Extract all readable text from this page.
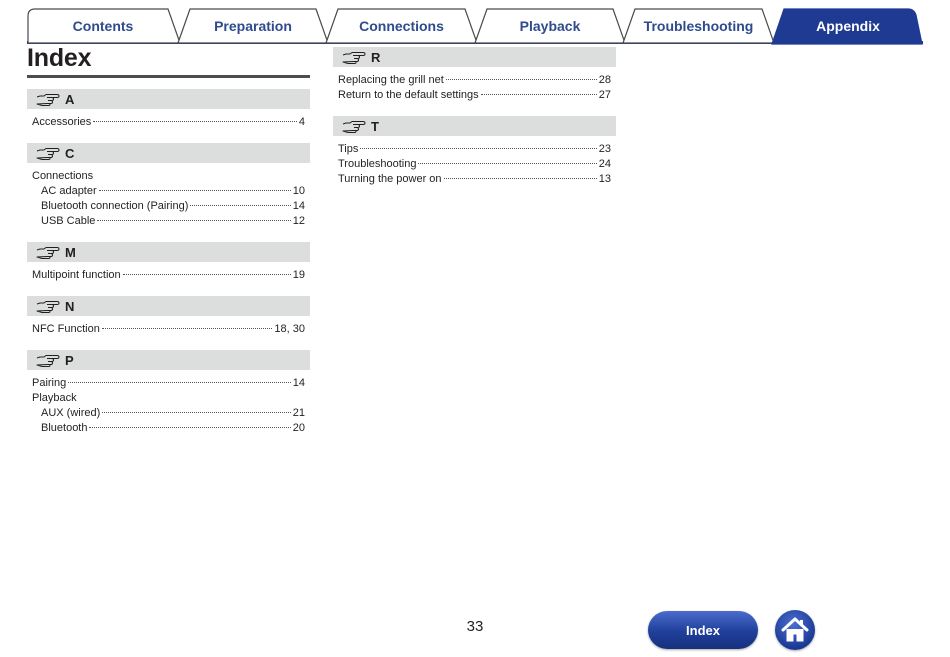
Contents	Preparation	Connections	Playback	Troubleshooting	Appendix
Index
A
Accessories	4
C
Connections
AC adapter	10
Bluetooth connection (Pairing)	14
USB Cable	12
M
Multipoint function	19
N
NFC Function	18, 30
P
Pairing	14
Playback
AUX (wired)	21
Bluetooth	20
R
Replacing the grill net	28
Return to the default settings	27
T
Tips	23
Troubleshooting	24
Turning the power on	13
33	Index
